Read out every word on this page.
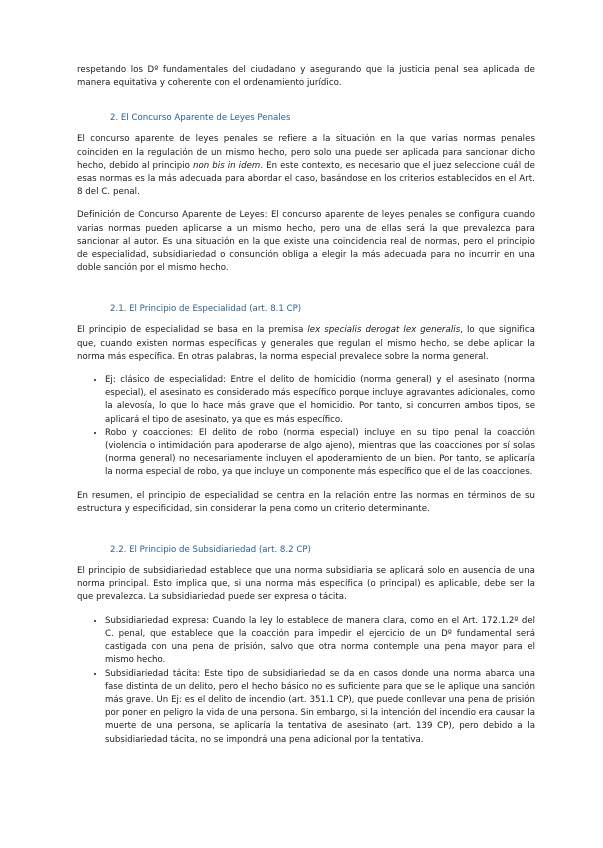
respetando los Dº fundamentales del ciudadano y asegurando que la justicia penal sea aplicada de manera equitativa y coherente con el ordenamiento jurídico.

2. El Concurso Aparente de Leyes Penales

El concurso aparente de leyes penales se refiere a la situación en la que varias normas penales coinciden en la regulación de un mismo hecho, pero solo una puede ser aplicada para sancionar dicho hecho, debido al principio non bis in idem. En este contexto, es necesario que el juez seleccione cuál de esas normas es la más adecuada para abordar el caso, basándose en los criterios establecidos en el Art. 8 del C. penal.

Definición de Concurso Aparente de Leyes: El concurso aparente de leyes penales se configura cuando varias normas pueden aplicarse a un mismo hecho, pero una de ellas será la que prevalezca para sancionar al autor. Es una situación en la que existe una coincidencia real de normas, pero el principio de especialidad, subsidiariedad o consunción obliga a elegir la más adecuada para no incurrir en una doble sanción por el mismo hecho.

2.1. El Principio de Especialidad (art. 8.1 CP)

El principio de especialidad se basa en la premisa lex specialis derogat lex generalis, lo que significa que, cuando existen normas específicas y generales que regulan el mismo hecho, se debe aplicar la norma más específica. En otras palabras, la norma especial prevalece sobre la norma general.

• Ej: clásico de especialidad: Entre el delito de homicidio (norma general) y el asesinato (norma especial), el asesinato es considerado más específico porque incluye agravantes adicionales, como la alevosía, lo que lo hace más grave que el homicidio. Por tanto, si concurren ambos tipos, se aplicará el tipo de asesinato, ya que es más específico.
• Robo y coacciones: El delito de robo (norma especial) incluye en su tipo penal la coacción (violencia o intimidación para apoderarse de algo ajeno), mientras que las coacciones por sí solas (norma general) no necesariamente incluyen el apoderamiento de un bien. Por tanto, se aplicaría la norma especial de robo, ya que incluye un componente más específico que el de las coacciones.

En resumen, el principio de especialidad se centra en la relación entre las normas en términos de su estructura y especificidad, sin considerar la pena como un criterio determinante.

2.2. El Principio de Subsidiariedad (art. 8.2 CP)

El principio de subsidiariedad establece que una norma subsidiaria se aplicará solo en ausencia de una norma principal. Esto implica que, si una norma más específica (o principal) es aplicable, debe ser la que prevalezca. La subsidiariedad puede ser expresa o tácita.

• Subsidiariedad expresa: Cuando la ley lo establece de manera clara, como en el Art. 172.1.2º del C. penal, que establece que la coacción para impedir el ejercicio de un Dº fundamental será castigada con una pena de prisión, salvo que otra norma contemple una pena mayor para el mismo hecho.
• Subsidiariedad tácita: Este tipo de subsidiariedad se da en casos donde una norma abarca una fase distinta de un delito, pero el hecho básico no es suficiente para que se le aplique una sanción más grave. Un Ej: es el delito de incendio (art. 351.1 CP), que puede conllevar una pena de prisión por poner en peligro la vida de una persona. Sin embargo, si la intención del incendio era causar la muerte de una persona, se aplicaría la tentativa de asesinato (art. 139 CP), pero debido a la subsidiariedad tácita, no se impondrá una pena adicional por la tentativa.
